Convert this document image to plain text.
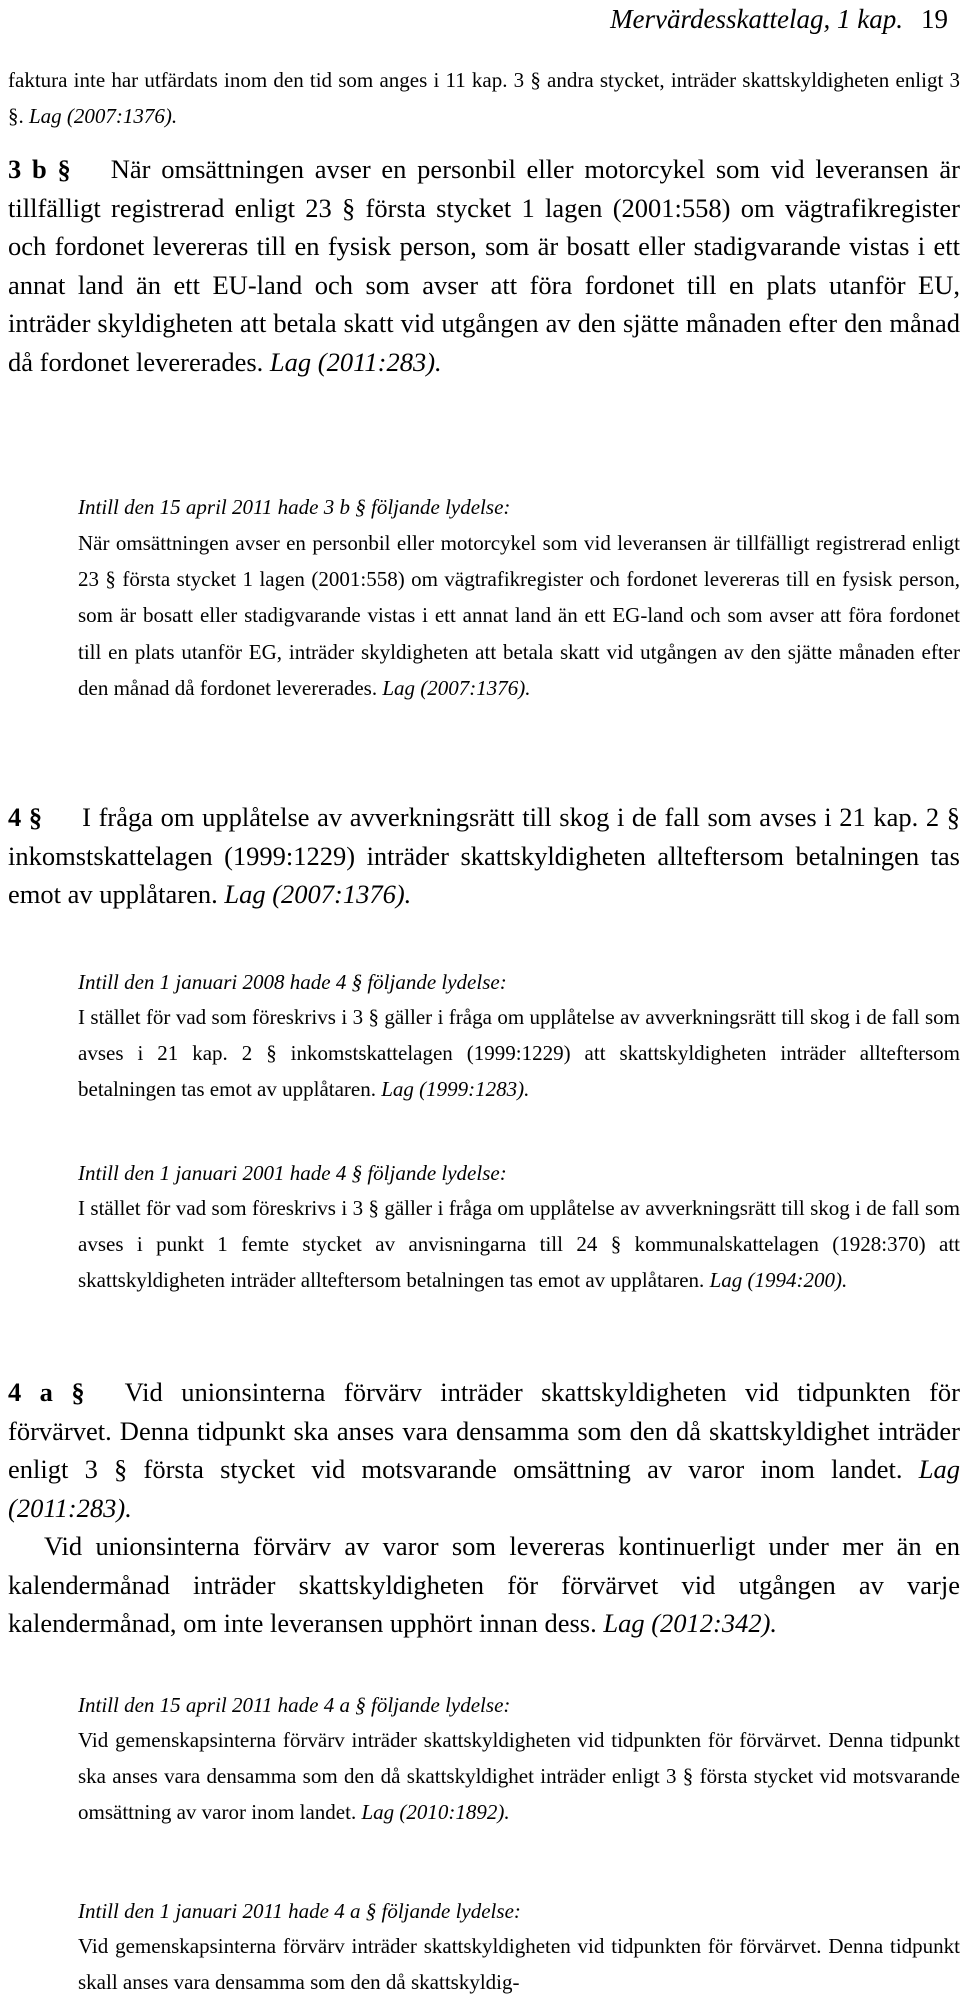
Mervärdesskattelag, 1 kap. 19
faktura inte har utfärdats inom den tid som anges i 11 kap. 3 § andra stycket, inträder skattskyldigheten enligt 3 §. Lag (2007:1376).
3 b § När omsättningen avser en personbil eller motorcykel som vid leveransen är tillfälligt registrerad enligt 23 § första stycket 1 lagen (2001:558) om vägtrafikregister och fordonet levereras till en fysisk person, som är bosatt eller stadigvarande vistas i ett annat land än ett EU-land och som avser att föra fordonet till en plats utanför EU, inträder skyldigheten att betala skatt vid utgången av den sjätte månaden efter den månad då fordonet levererades. Lag (2011:283).
Intill den 15 april 2011 hade 3 b § följande lydelse:
När omsättningen avser en personbil eller motorcykel som vid leveransen är tillfälligt registrerad enligt 23 § första stycket 1 lagen (2001:558) om vägtrafikregister och fordonet levereras till en fysisk person, som är bosatt eller stadigvarande vistas i ett annat land än ett EG-land och som avser att föra fordonet till en plats utanför EG, inträder skyldigheten att betala skatt vid utgången av den sjätte månaden efter den månad då fordonet levererades. Lag (2007:1376).
4 § I fråga om upplåtelse av avverkningsrätt till skog i de fall som avses i 21 kap. 2 § inkomstskattelagen (1999:1229) inträder skattskyldigheten allteftersom betalningen tas emot av upplåtaren. Lag (2007:1376).
Intill den 1 januari 2008 hade 4 § följande lydelse:
I stället för vad som föreskrivs i 3 § gäller i fråga om upplåtelse av avverkningsrätt till skog i de fall som avses i 21 kap. 2 § inkomstskattelagen (1999:1229) att skattskyldigheten inträder allteftersom betalningen tas emot av upplåtaren. Lag (1999:1283).
Intill den 1 januari 2001 hade 4 § följande lydelse:
I stället för vad som föreskrivs i 3 § gäller i fråga om upplåtelse av avverkningsrätt till skog i de fall som avses i punkt 1 femte stycket av anvisningarna till 24 § kommunalskattelagen (1928:370) att skattskyldigheten inträder allteftersom betalningen tas emot av upplåtaren. Lag (1994:200).
4 a § Vid unionsinterna förvärv inträder skattskyldigheten vid tidpunkten för förvärvet. Denna tidpunkt ska anses vara densamma som den då skattskyldighet inträder enligt 3 § första stycket vid motsvarande omsättning av varor inom landet. Lag (2011:283).
Vid unionsinterna förvärv av varor som levereras kontinuerligt under mer än en kalendermånad inträder skattskyldigheten för förvärvet vid utgången av varje kalendermånad, om inte leveransen upphört innan dess. Lag (2012:342).
Intill den 15 april 2011 hade 4 a § följande lydelse:
Vid gemenskapsinterna förvärv inträder skattskyldigheten vid tidpunkten för förvärvet. Denna tidpunkt ska anses vara densamma som den då skattskyldighet inträder enligt 3 § första stycket vid motsvarande omsättning av varor inom landet. Lag (2010:1892).
Intill den 1 januari 2011 hade 4 a § följande lydelse:
Vid gemenskapsinterna förvärv inträder skattskyldigheten vid tidpunkten för förvärvet. Denna tidpunkt skall anses vara densamma som den då skattskyldig-
